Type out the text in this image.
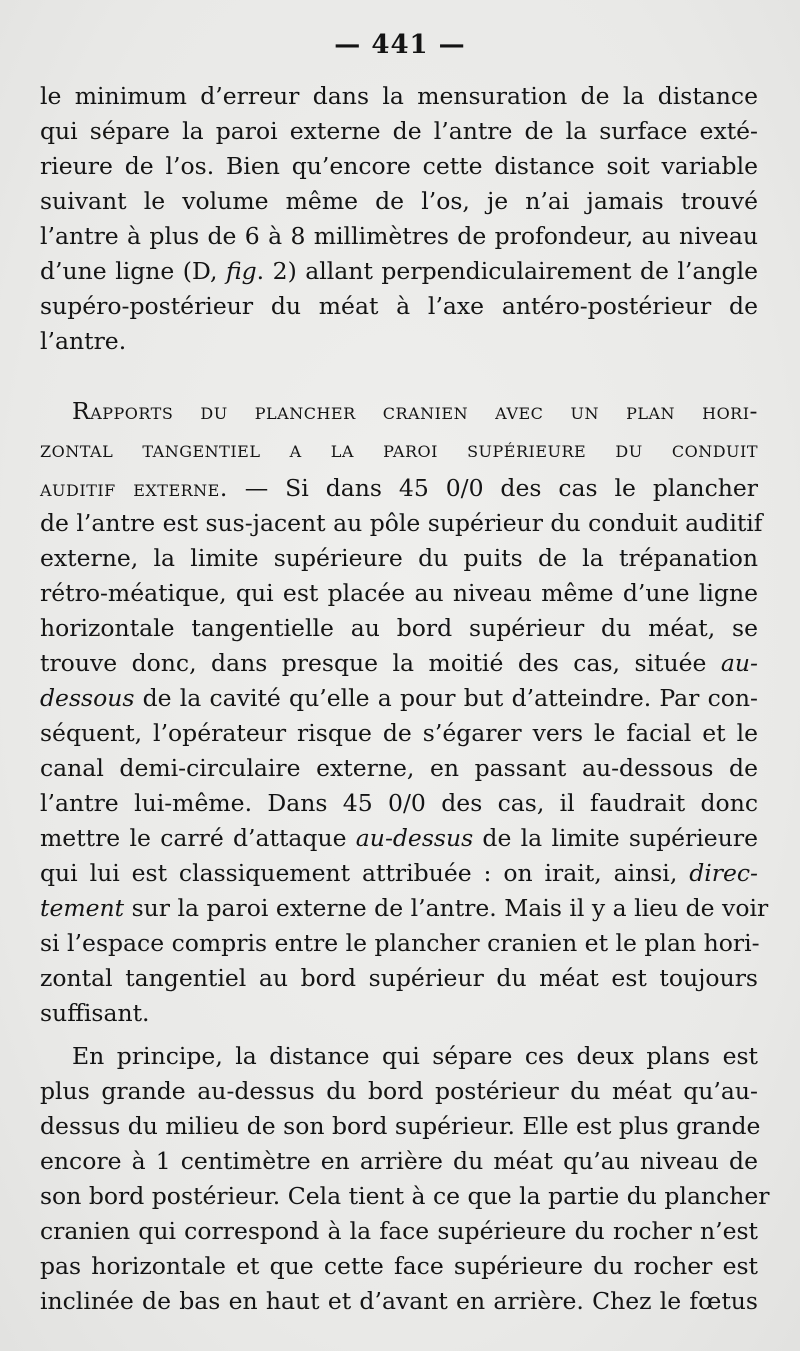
— 441 —
le minimum d’erreur dans la mensuration de la distance
qui sépare la paroi externe de l’antre de la surface exté-
rieure de l’os. Bien qu’encore cette distance soit variable
suivant le volume même de l’os, je n’ai jamais trouvé
l’antre à plus de 6 à 8 millimètres de profondeur, au niveau
d’une ligne (D, fig. 2) allant perpendiculairement de l’angle
supéro-postérieur du méat à l’axe antéro-postérieur de
l’antre.
Rapports du plancher cranien avec un plan hori-
zontal tangentiel a la paroi supérieure du conduit
auditif externe. — Si dans 45 0/0 des cas le plancher
de l’antre est sus-jacent au pôle supérieur du conduit auditif
externe, la limite supérieure du puits de la trépanation
rétro-méatique, qui est placée au niveau même d’une ligne
horizontale tangentielle au bord supérieur du méat, se
trouve donc, dans presque la moitié des cas, située au-
dessous de la cavité qu’elle a pour but d’atteindre. Par con-
séquent, l’opérateur risque de s’égarer vers le facial et le
canal demi-circulaire externe, en passant au-dessous de
l’antre lui-même. Dans 45 0/0 des cas, il faudrait donc
mettre le carré d’attaque au-dessus de la limite supérieure
qui lui est classiquement attribuée : on irait, ainsi, direc-
tement sur la paroi externe de l’antre. Mais il y a lieu de voir
si l’espace compris entre le plancher cranien et le plan hori-
zontal tangentiel au bord supérieur du méat est toujours
suffisant.
En principe, la distance qui sépare ces deux plans est
plus grande au-dessus du bord postérieur du méat qu’au-
dessus du milieu de son bord supérieur. Elle est plus grande
encore à 1 centimètre en arrière du méat qu’au niveau de
son bord postérieur. Cela tient à ce que la partie du plancher
cranien qui correspond à la face supérieure du rocher n’est
pas horizontale et que cette face supérieure du rocher est
inclinée de bas en haut et d’avant en arrière. Chez le fœtus
